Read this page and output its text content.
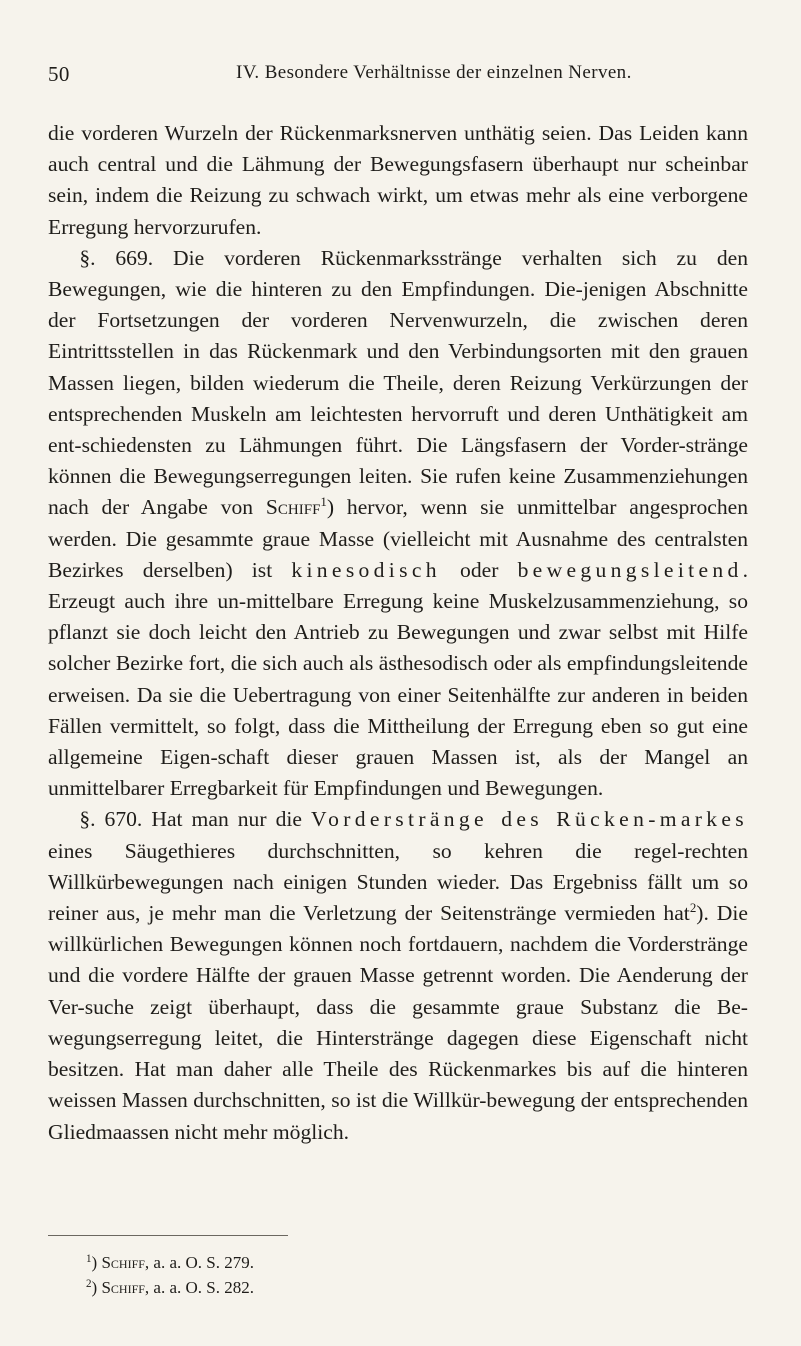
50	IV. Besondere Verhältnisse der einzelnen Nerven.

die vorderen Wurzeln der Rückenmarksnerven unthätig seien. Das Leiden kann auch central und die Lähmung der Bewegungsfasern überhaupt nur scheinbar sein, indem die Reizung zu schwach wirkt, um etwas mehr als eine verborgene Erregung hervorzurufen.

§. 669. Die vorderen Rückenmarksstränge verhalten sich zu den Bewegungen, wie die hinteren zu den Empfindungen. Die-jenigen Abschnitte der Fortsetzungen der vorderen Nervenwurzeln, die zwischen deren Eintrittsstellen in das Rückenmark und den Verbindungsorten mit den grauen Massen liegen, bilden wiederum die Theile, deren Reizung Verkürzungen der entsprechenden Muskeln am leichtesten hervorruft und deren Unthätigkeit am ent-schiedensten zu Lähmungen führt. Die Längsfasern der Vorder-stränge können die Bewegungserregungen leiten. Sie rufen keine Zusammenziehungen nach der Angabe von Schiff$^1$) hervor, wenn sie unmittelbar angesprochen werden. Die gesammte graue Masse (vielleicht mit Ausnahme des centralsten Bezirkes derselben) ist kinesodisch oder bewegungsleitend. Erzeugt auch ihre un-mittelbare Erregung keine Muskelzusammenziehung, so pflanzt sie doch leicht den Antrieb zu Bewegungen und zwar selbst mit Hilfe solcher Bezirke fort, die sich auch als ästhesodisch oder als empfindungsleitende erweisen. Da sie die Uebertragung von einer Seitenhälfte zur anderen in beiden Fällen vermittelt, so folgt, dass die Mittheilung der Erregung eben so gut eine allgemeine Eigen-schaft dieser grauen Massen ist, als der Mangel an unmittelbarer Erregbarkeit für Empfindungen und Bewegungen.

§. 670. Hat man nur die Vorderstränge des Rücken-markes eines Säugethieres durchschnitten, so kehren die regel-rechten Willkürbewegungen nach einigen Stunden wieder. Das Ergebniss fällt um so reiner aus, je mehr man die Verletzung der Seitenstränge vermieden hat$^2$). Die willkürlichen Bewegungen können noch fortdauern, nachdem die Vorderstränge und die vordere Hälfte der grauen Masse getrennt worden. Die Aenderung der Ver-suche zeigt überhaupt, dass die gesammte graue Substanz die Be-wegungserregung leitet, die Hinterstränge dagegen diese Eigenschaft nicht besitzen. Hat man daher alle Theile des Rückenmarkes bis auf die hinteren weissen Massen durchschnitten, so ist die Willkür-bewegung der entsprechenden Gliedmaassen nicht mehr möglich.

$^1$) Schiff, a. a. O. S. 279.
$^2$) Schiff, a. a. O. S. 282.
